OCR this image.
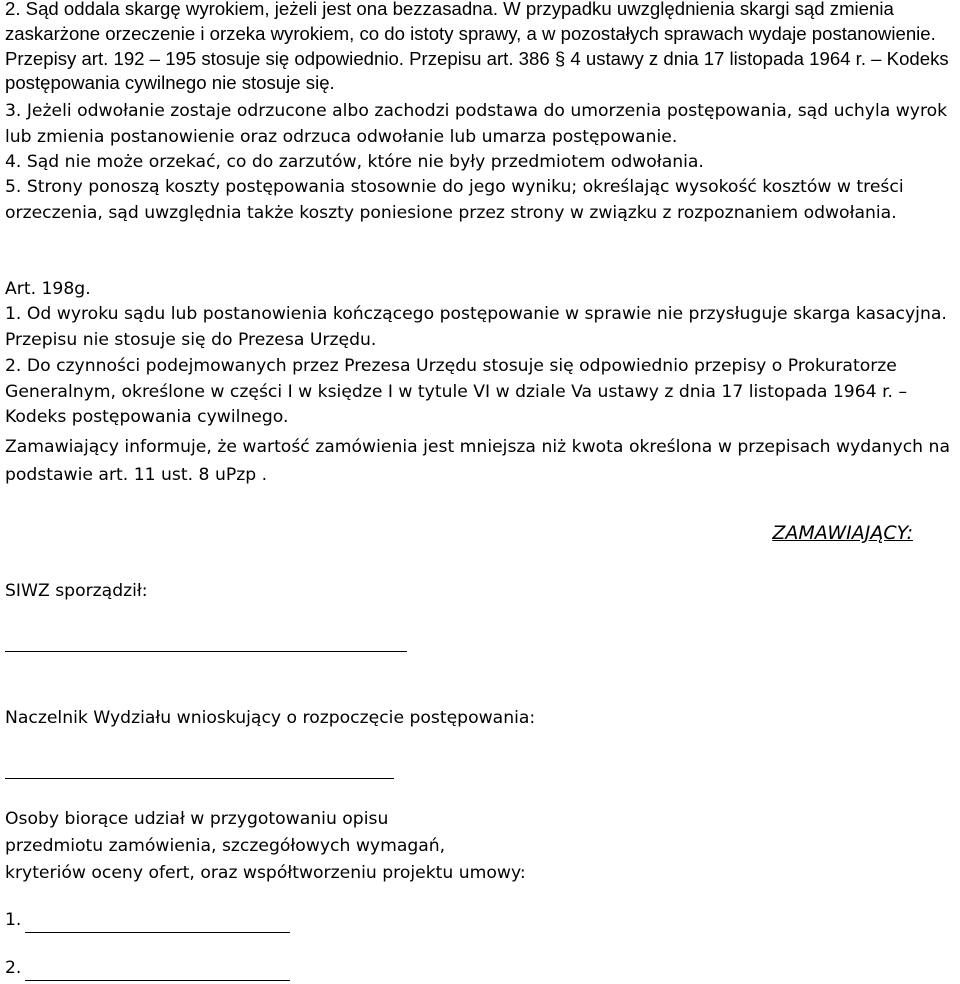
2. Sąd oddala skargę wyrokiem, jeżeli jest ona bezzasadna. W przypadku uwzględnienia skargi sąd zmienia zaskarżone orzeczenie i orzeka wyrokiem, co do istoty sprawy, a w pozostałych sprawach wydaje postanowienie. Przepisy art. 192 – 195 stosuje się odpowiednio. Przepisu art. 386 § 4 ustawy z dnia 17 listopada 1964 r. – Kodeks postępowania cywilnego nie stosuje się.

3. Jeżeli odwołanie zostaje odrzucone albo zachodzi podstawa do umorzenia postępowania, sąd uchyla wyrok lub zmienia postanowienie oraz odrzuca odwołanie lub umarza postępowanie.

4. Sąd nie może orzekać, co do zarzutów, które nie były przedmiotem odwołania.

5. Strony ponoszą koszty postępowania stosownie do jego wyniku; określając wysokość kosztów w treści orzeczenia, sąd uwzględnia także koszty poniesione przez strony w związku z rozpoznaniem odwołania.

Art. 198g.

1. Od wyroku sądu lub postanowienia kończącego postępowanie w sprawie nie przysługuje skarga kasacyjna. Przepisu nie stosuje się do Prezesa Urzędu.

2. Do czynności podejmowanych przez Prezesa Urzędu stosuje się odpowiednio przepisy o Prokuratorze Generalnym, określone w części I w księdze I w tytule VI w dziale Va ustawy z dnia 17 listopada 1964 r. – Kodeks postępowania cywilnego.

Zamawiający informuje, że wartość zamówienia jest mniejsza niż kwota określona w przepisach wydanych na podstawie art. 11 ust. 8 uPzp .

ZAMAWIAJĄCY:

SIWZ sporządził:

Naczelnik Wydziału wnioskujący o rozpoczęcie postępowania:

Osoby biorące udział w przygotowaniu opisu
przedmiotu zamówienia, szczegółowych wymagań,
kryteriów oceny ofert, oraz współtworzeniu projektu umowy:

1.

2.
